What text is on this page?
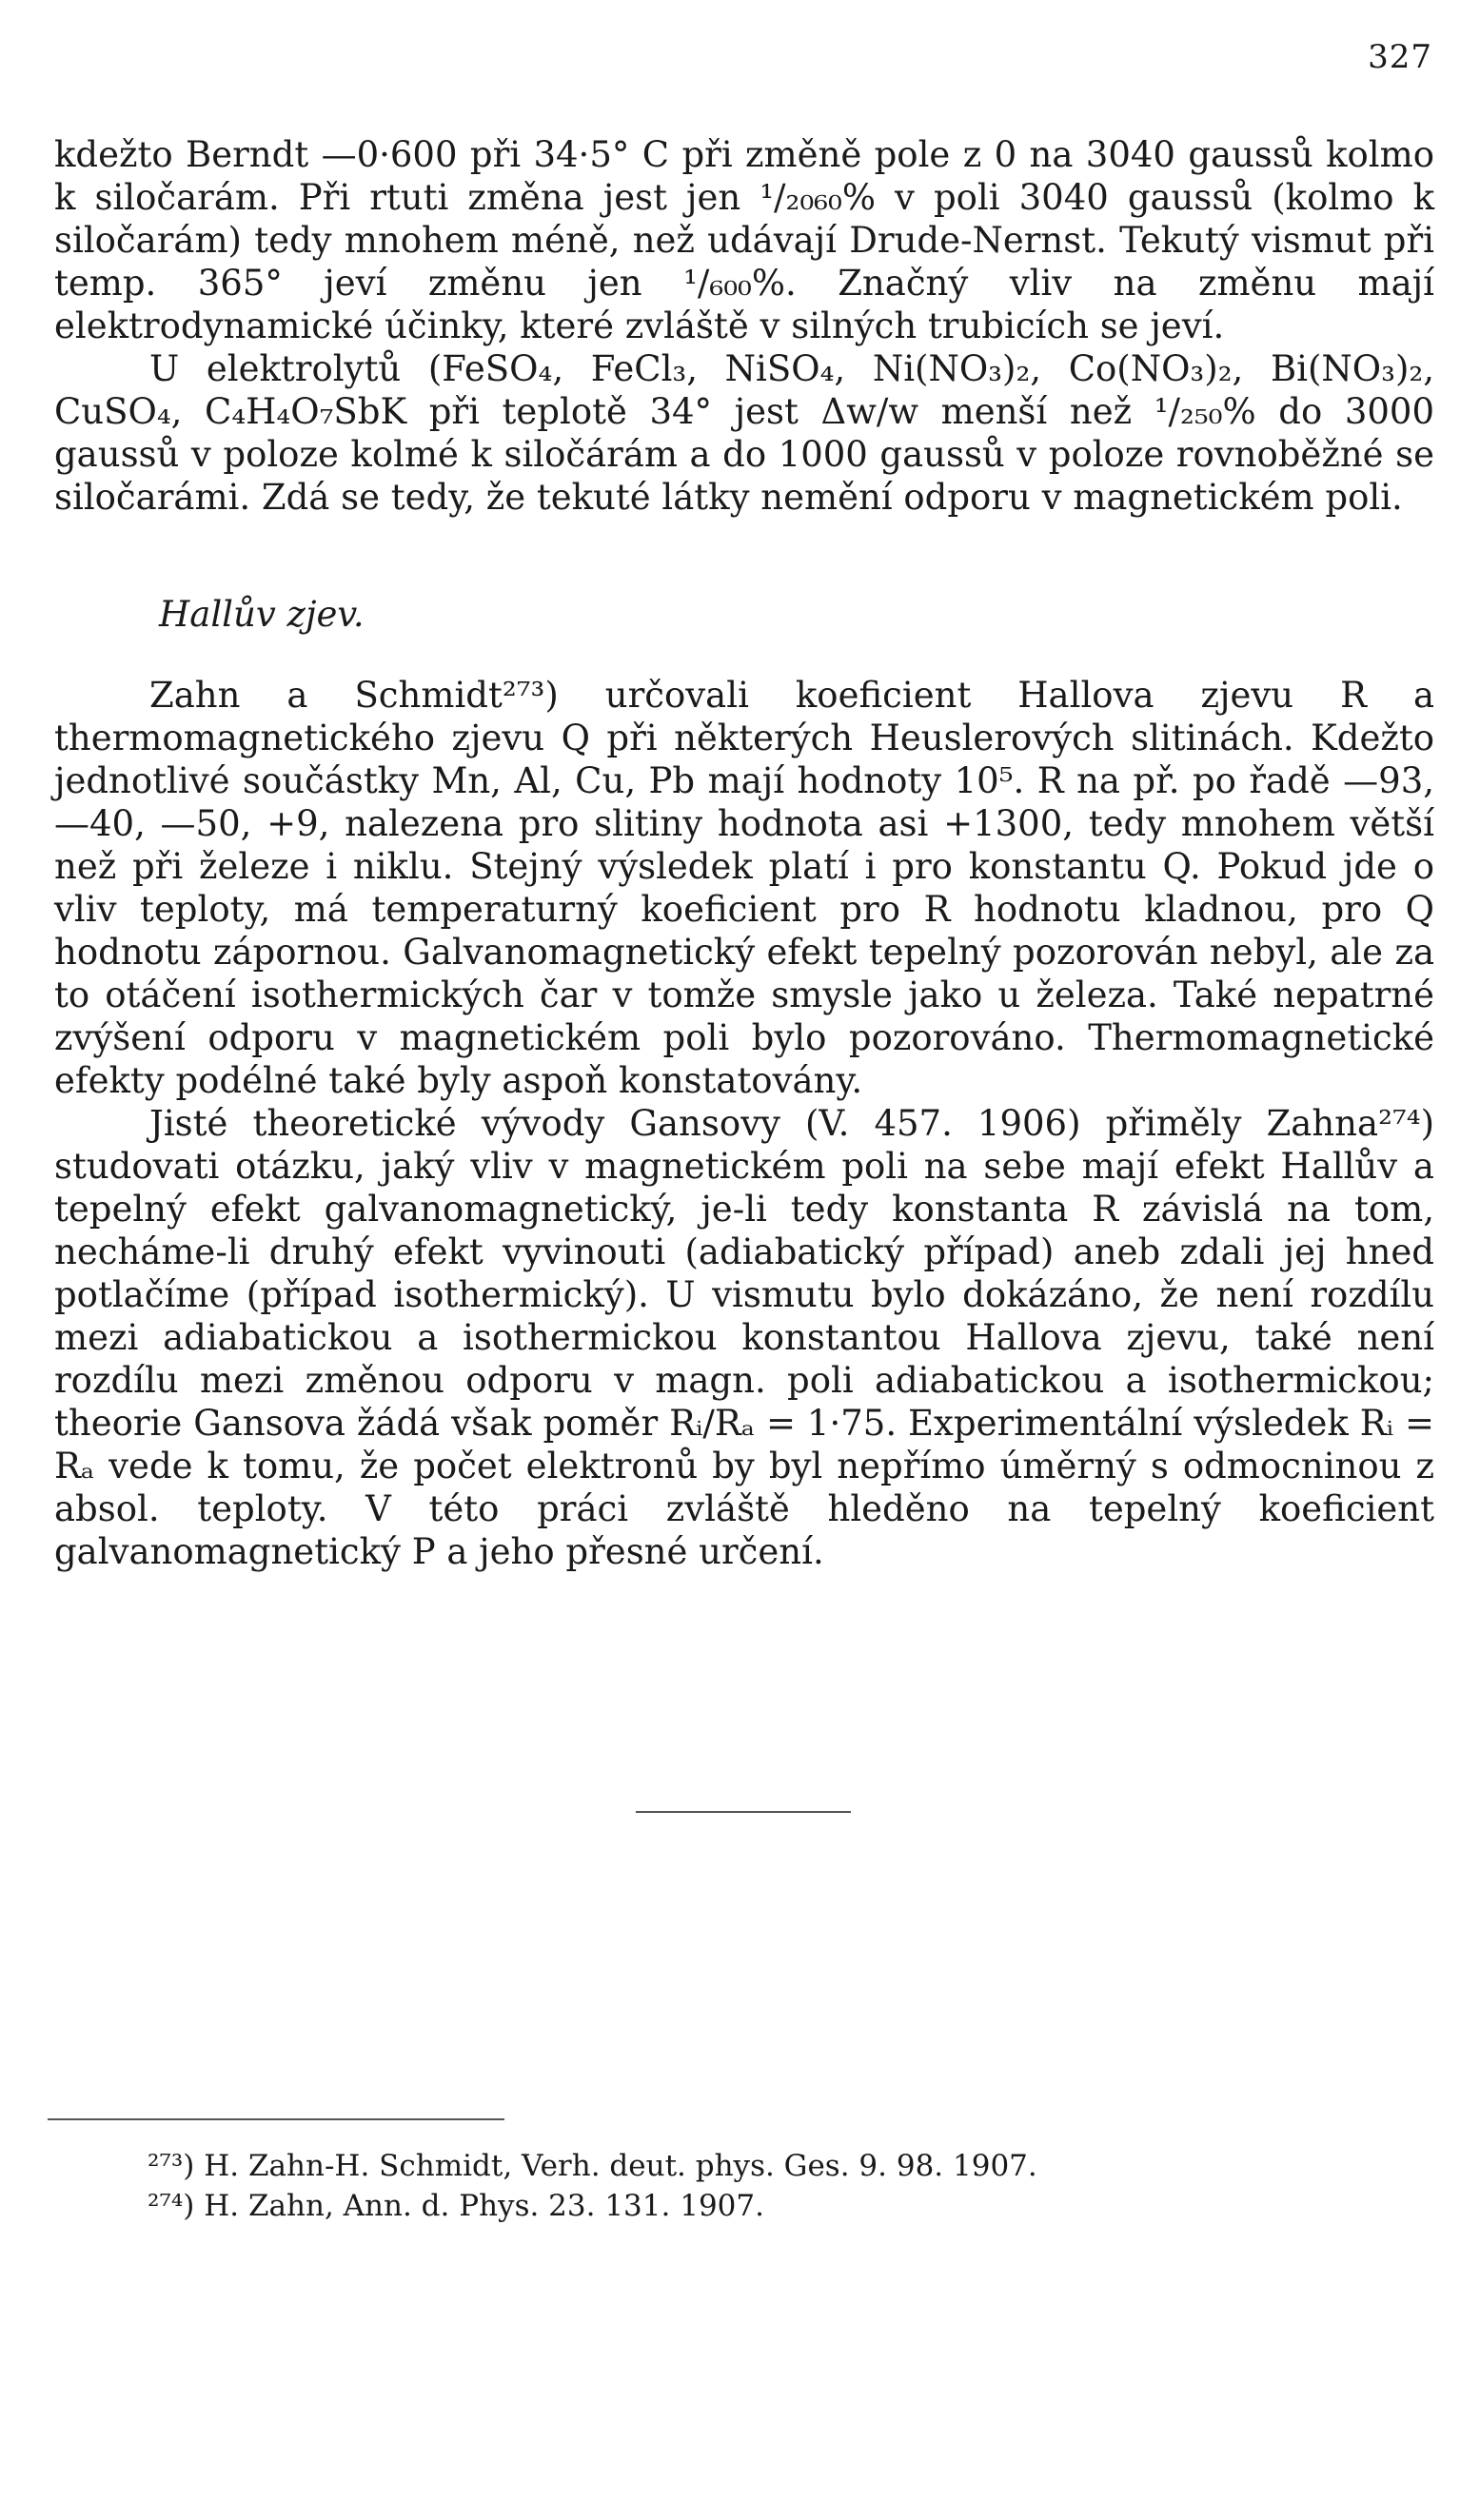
327

kdežto Berndt —0·600 při 34·5° C při změně pole z 0 na 3040 gaussů kolmo k siločarám. Při rtuti změna jest jen ¹/₂₀₆₀% v poli 3040 gaussů (kolmo k siločarám) tedy mnohem méně, než udávají Drude-Nernst. Tekutý vismut při temp. 365° jeví změnu jen ¹/₆₀₀%. Značný vliv na změnu mají elektrodynamické účinky, které zvláště v silných trubicích se jeví.

U elektrolytů (FeSO₄, FeCl₃, NiSO₄, Ni(NO₃)₂, Co(NO₃)₂, Bi(NO₃)₂, CuSO₄, C₄H₄O₇SbK při teplotě 34° jest Δw/w menší než ¹/₂₅₀% do 3000 gaussů v poloze kolmé k siločárám a do 1000 gaussů v poloze rovnoběžné se siločarámi. Zdá se tedy, že tekuté látky nemění odporu v magnetickém poli.

Hallův zjev.

Zahn a Schmidt²⁷³) určovali koeficient Hallova zjevu R a thermomagnetického zjevu Q při některých Heuslerových slitinách. Kdežto jednotlivé součástky Mn, Al, Cu, Pb mají hodnoty 10⁵. R na př. po řadě —93, —40, —50, +9, nalezena pro slitiny hodnota asi +1300, tedy mnohem větší než při železe i niklu. Stejný výsledek platí i pro konstantu Q. Pokud jde o vliv teploty, má temperaturný koeficient pro R hodnotu kladnou, pro Q hodnotu zápornou. Galvanomagnetický efekt tepelný pozorován nebyl, ale za to otáčení isothermických čar v tomže smysle jako u železa. Také nepatrné zvýšení odporu v magnetickém poli bylo pozorováno. Thermomagnetické efekty podélné také byly aspoň konstatovány.

Jisté theoretické vývody Gansovy (V. 457. 1906) přiměly Zahna²⁷⁴) studovati otázku, jaký vliv v magnetickém poli na sebe mají efekt Hallův a tepelný efekt galvanomagnetický, je-li tedy konstanta R závislá na tom, necháme-li druhý efekt vyvinouti (adiabatický případ) aneb zdali jej hned potlačíme (případ isothermický). U vismutu bylo dokázáno, že není rozdílu mezi adiabatickou a isothermickou konstantou Hallova zjevu, také není rozdílu mezi změnou odporu v magn. poli adiabatickou a isothermickou; theorie Gansova žádá však poměr Rᵢ/Rₐ = 1·75. Experimentální výsledek Rᵢ = Rₐ vede k tomu, že počet elektronů by byl nepřímo úměrný s odmocninou z absol. teploty. V této práci zvláště hleděno na tepelný koeficient galvanomagnetický P a jeho přesné určení.

²⁷³) H. Zahn-H. Schmidt, Verh. deut. phys. Ges. 9. 98. 1907.
²⁷⁴) H. Zahn, Ann. d. Phys. 23. 131. 1907.
